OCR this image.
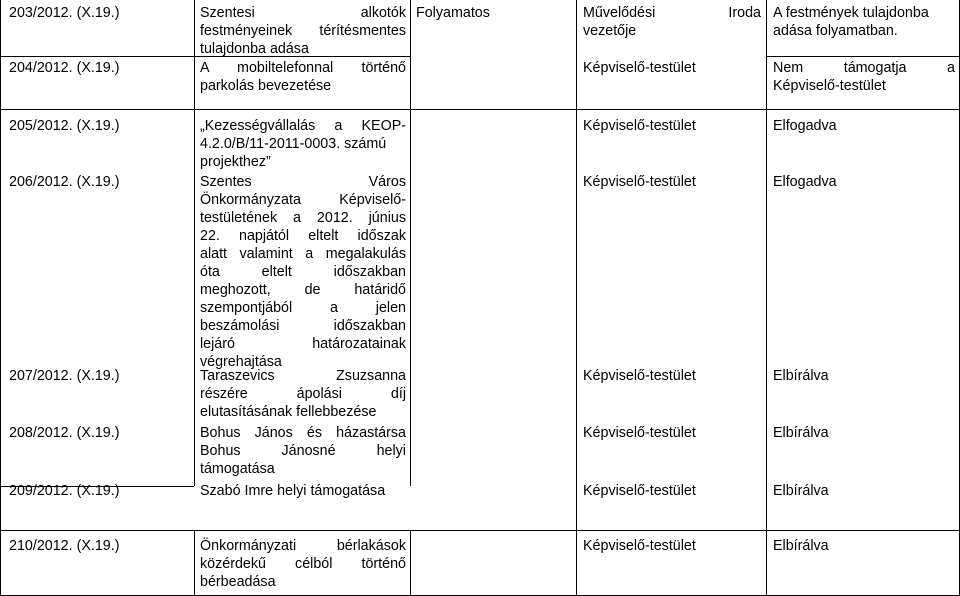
203/2012. (X.19.)	Szentesi alkotók
festményeinek térítésmentes
tulajdonba adása
Folyamatos	Művelődési Iroda
vezetője
A festmények tulajdonba
adása folyamatban.
204/2012. (X.19.)	A mobiltelefonnal történő
parkolás bevezetése
Képviselő-testület	Nem támogatja a
Képviselő-testület
205/2012. (X.19.)	„Kezességvállalás a KEOP-
4.2.0/B/11-2011-0003. számú
projekthez”
Képviselő-testület	Elfogadva
206/2012. (X.19.)	Szentes Város
Önkormányzata Képviselő-
testületének a 2012. június
22. napjától eltelt időszak
alatt valamint a megalakulás
óta eltelt időszakban
meghozott, de határidő
szempontjából a jelen
beszámolási időszakban
lejáró határozatainak
végrehajtása
Képviselő-testület	Elfogadva
207/2012. (X.19.)	Taraszevics Zsuzsanna
részére ápolási díj
elutasításának fellebbezése
Képviselő-testület	Elbírálva
208/2012. (X.19.)	Bohus János és házastársa
Bohus Jánosné helyi
támogatása
Képviselő-testület	Elbírálva
209/2012. (X.19.)	Szabó Imre helyi támogatása	Képviselő-testület	Elbírálva
210/2012. (X.19.)	Önkormányzati bérlakások
közérdekű célból történő
bérbeadása
Képviselő-testület	Elbírálva
